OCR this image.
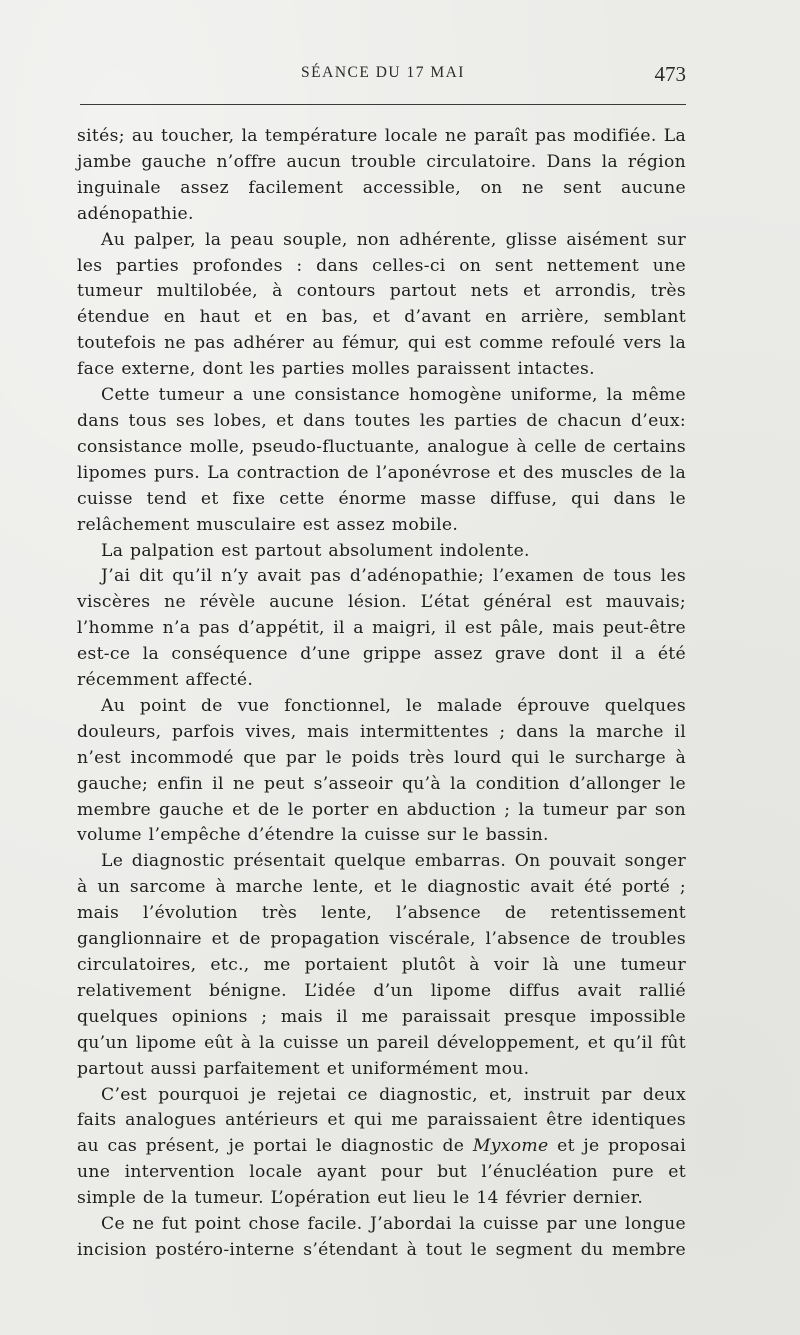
SÉANCE DU 17 MAI	473

sités; au toucher, la température locale ne paraît pas modifiée. La jambe gauche n’offre aucun trouble circulatoire. Dans la région inguinale assez facilement accessible, on ne sent aucune adénopathie.

Au palper, la peau souple, non adhérente, glisse aisément sur les parties profondes : dans celles-ci on sent nettement une tumeur multilobée, à contours partout nets et arrondis, très étendue en haut et en bas, et d’avant en arrière, semblant toutefois ne pas adhérer au fémur, qui est comme refoulé vers la face externe, dont les parties molles paraissent intactes.

Cette tumeur a une consistance homogène uniforme, la même dans tous ses lobes, et dans toutes les parties de chacun d’eux: consistance molle, pseudo-fluctuante, analogue à celle de certains lipomes purs. La contraction de l’aponévrose et des muscles de la cuisse tend et fixe cette énorme masse diffuse, qui dans le relâchement musculaire est assez mobile.

La palpation est partout absolument indolente.

J’ai dit qu’il n’y avait pas d’adénopathie; l’examen de tous les viscères ne révèle aucune lésion. L’état général est mauvais; l’homme n’a pas d’appétit, il a maigri, il est pâle, mais peut-être est-ce la conséquence d’une grippe assez grave dont il a été récemment affecté.

Au point de vue fonctionnel, le malade éprouve quelques douleurs, parfois vives, mais intermittentes ; dans la marche il n’est incommodé que par le poids très lourd qui le surcharge à gauche; enfin il ne peut s’asseoir qu’à la condition d’allonger le membre gauche et de le porter en abduction ; la tumeur par son volume l’empêche d’étendre la cuisse sur le bassin.

Le diagnostic présentait quelque embarras. On pouvait songer à un sarcome à marche lente, et le diagnostic avait été porté ; mais l’évolution très lente, l’absence de retentissement ganglionnaire et de propagation viscérale, l’absence de troubles circulatoires, etc., me portaient plutôt à voir là une tumeur relativement bénigne. L’idée d’un lipome diffus avait rallié quelques opinions ; mais il me paraissait presque impossible qu’un lipome eût à la cuisse un pareil développement, et qu’il fût partout aussi parfaitement et uniformément mou.

C’est pourquoi je rejetai ce diagnostic, et, instruit par deux faits analogues antérieurs et qui me paraissaient être identiques au cas présent, je portai le diagnostic de Myxome et je proposai une intervention locale ayant pour but l’énucléation pure et simple de la tumeur. L’opération eut lieu le 14 février dernier.

Ce ne fut point chose facile. J’abordai la cuisse par une longue incision postéro-interne s’étendant à tout le segment du membre
